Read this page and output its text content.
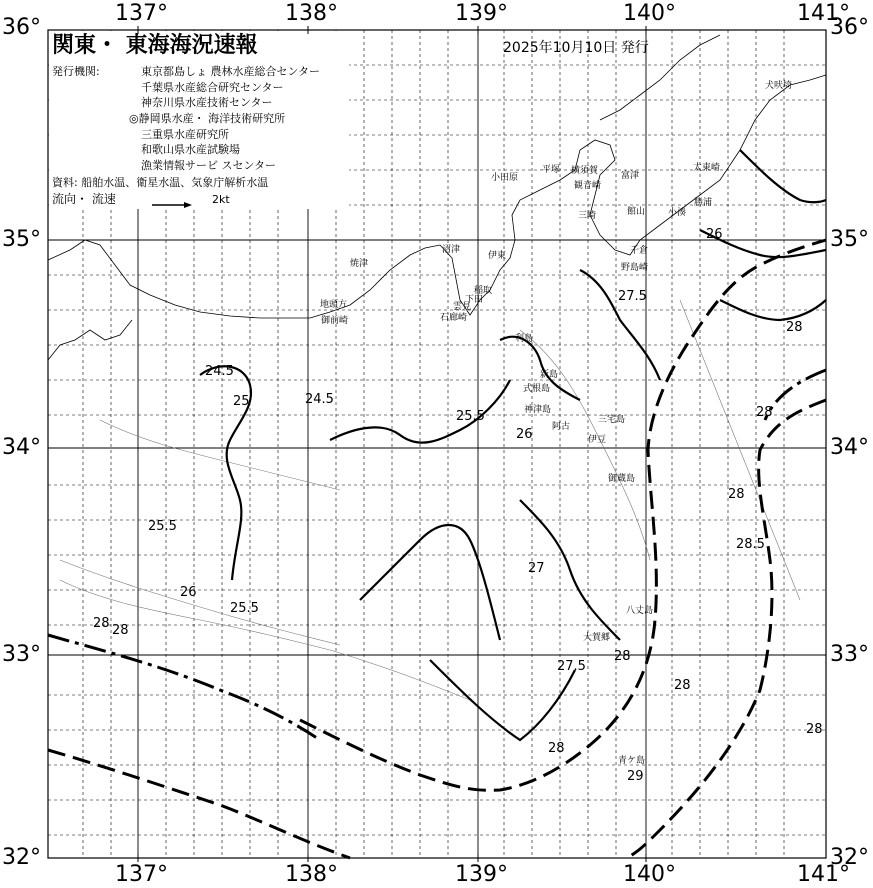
24.5
25	24.5
25.5
25.5
25.5
26
27
27.5
26
28 28
28
28
28
28.5
28
28
26
28
28
27.5
29
犬吠埼
太東崎
勝浦
小湊
富津
観音崎
横須賀
平塚
小田原
三崎	館山
千倉
野島崎
沼津
伊東
稲取
下田
雲見
石廊崎
焼津
地頭方
御前崎
新島
利島
式根島
神津島
三宅島
阿古
伊豆
御蔵島
八丈島
大賀郷
青ケ島
137°	138°	139°	140°	141°
137°	138°	139°	140°	141°
36°
35°
34°
33°
32°
36°
35°
34°
33°
32°
関東・ 東海海況速報	2025年10月10日 発行
発行機関:	東京都島しょ 農林水産総合センター
千葉県水産総合研究センター
神奈川県水産技術センター
◎静岡県水産・ 海洋技術研究所
三重県水産研究所
和歌山県水産試験場
漁業情報サービ スセンター
資料: 船舶水温、衛星水温、気象庁解析水温
流向・ 流速	2kt
